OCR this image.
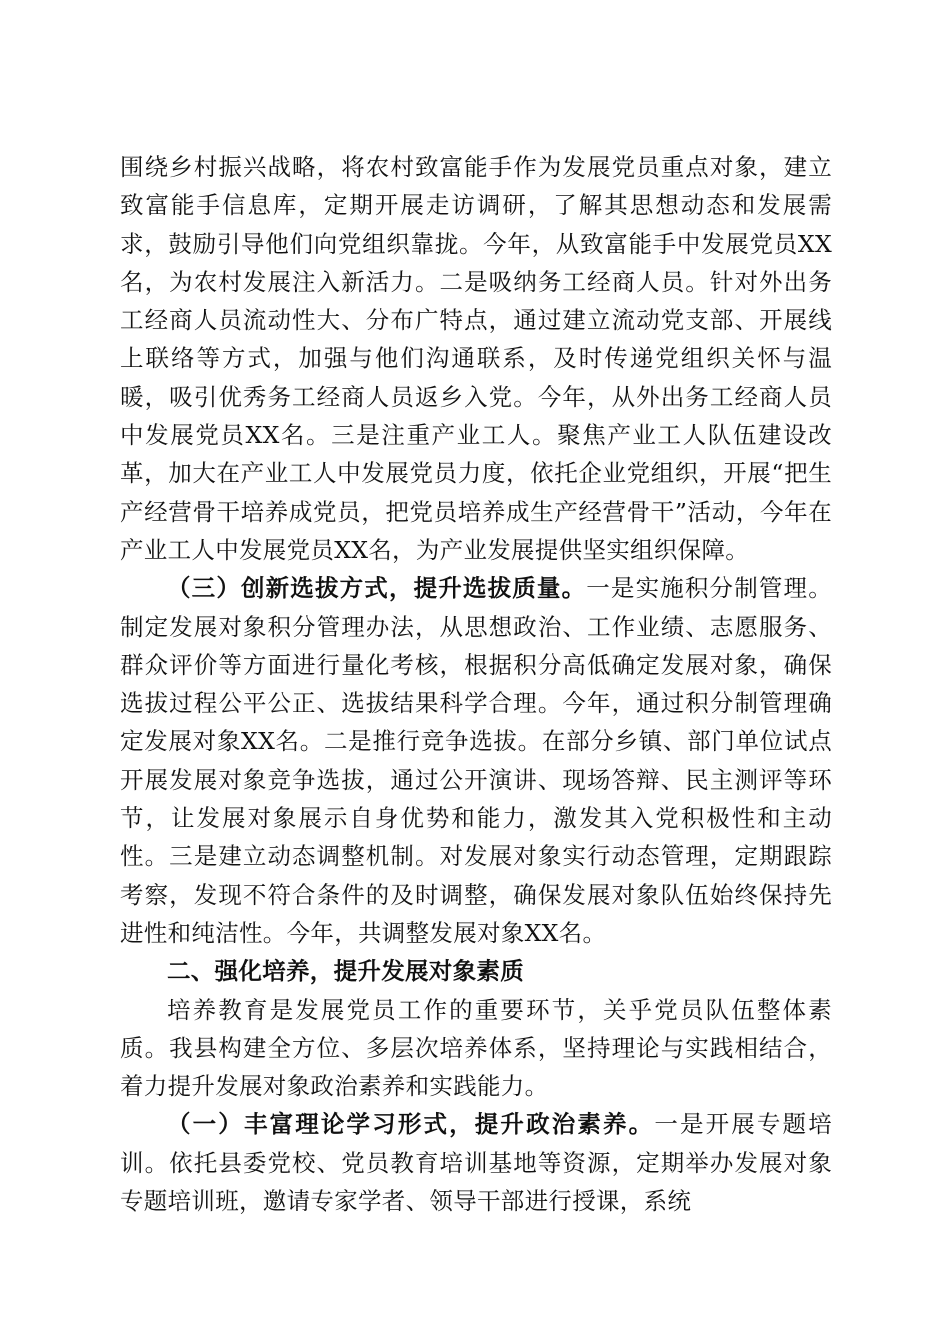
围绕乡村振兴战略，将农村致富能手作为发展党员重点对象，建立致富能手信息库，定期开展走访调研，了解其思想动态和发展需求，鼓励引导他们向党组织靠拢。今年，从致富能手中发展党员XX名，为农村发展注入新活力。二是吸纳务工经商人员。针对外出务工经商人员流动性大、分布广特点，通过建立流动党支部、开展线上联络等方式，加强与他们沟通联系，及时传递党组织关怀与温暖，吸引优秀务工经商人员返乡入党。今年，从外出务工经商人员中发展党员XX名。三是注重产业工人。聚焦产业工人队伍建设改革，加大在产业工人中发展党员力度，依托企业党组织，开展“把生产经营骨干培养成党员，把党员培养成生产经营骨干”活动，今年在产业工人中发展党员XX名，为产业发展提供坚实组织保障。

（三）创新选拔方式，提升选拔质量。一是实施积分制管理。制定发展对象积分管理办法，从思想政治、工作业绩、志愿服务、群众评价等方面进行量化考核，根据积分高低确定发展对象，确保选拔过程公平公正、选拔结果科学合理。今年，通过积分制管理确定发展对象XX名。二是推行竞争选拔。在部分乡镇、部门单位试点开展发展对象竞争选拔，通过公开演讲、现场答辩、民主测评等环节，让发展对象展示自身优势和能力，激发其入党积极性和主动性。三是建立动态调整机制。对发展对象实行动态管理，定期跟踪考察，发现不符合条件的及时调整，确保发展对象队伍始终保持先进性和纯洁性。今年，共调整发展对象XX名。

二、强化培养，提升发展对象素质

培养教育是发展党员工作的重要环节，关乎党员队伍整体素质。我县构建全方位、多层次培养体系，坚持理论与实践相结合，着力提升发展对象政治素养和实践能力。

（一）丰富理论学习形式，提升政治素养。一是开展专题培训。依托县委党校、党员教育培训基地等资源，定期举办发展对象专题培训班，邀请专家学者、领导干部进行授课，系统
